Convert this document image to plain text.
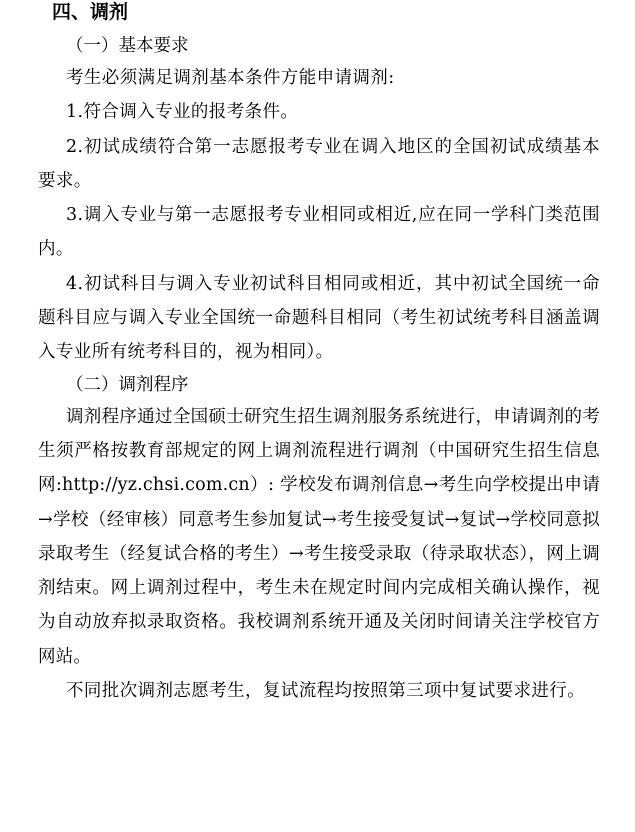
四、调剂
（一）基本要求

考生必须满足调剂基本条件方能申请调剂:

1.符合调入专业的报考条件。

2.初试成绩符合第一志愿报考专业在调入地区的全国初试成绩基本要求。

3.调入专业与第一志愿报考专业相同或相近,应在同一学科门类范围内。

4.初试科目与调入专业初试科目相同或相近，其中初试全国统一命题科目应与调入专业全国统一命题科目相同（考生初试统考科目涵盖调入专业所有统考科目的，视为相同）。

（二）调剂程序

调剂程序通过全国硕士研究生招生调剂服务系统进行，申请调剂的考生须严格按教育部规定的网上调剂流程进行调剂（中国研究生招生信息网:http://yz.chsi.com.cn）: 学校发布调剂信息→考生向学校提出申请→学校（经审核）同意考生参加复试→考生接受复试→复试→学校同意拟录取考生（经复试合格的考生）→考生接受录取（待录取状态），网上调剂结束。网上调剂过程中，考生未在规定时间内完成相关确认操作，视为自动放弃拟录取资格。我校调剂系统开通及关闭时间请关注学校官方网站。

不同批次调剂志愿考生，复试流程均按照第三项中复试要求进行。
